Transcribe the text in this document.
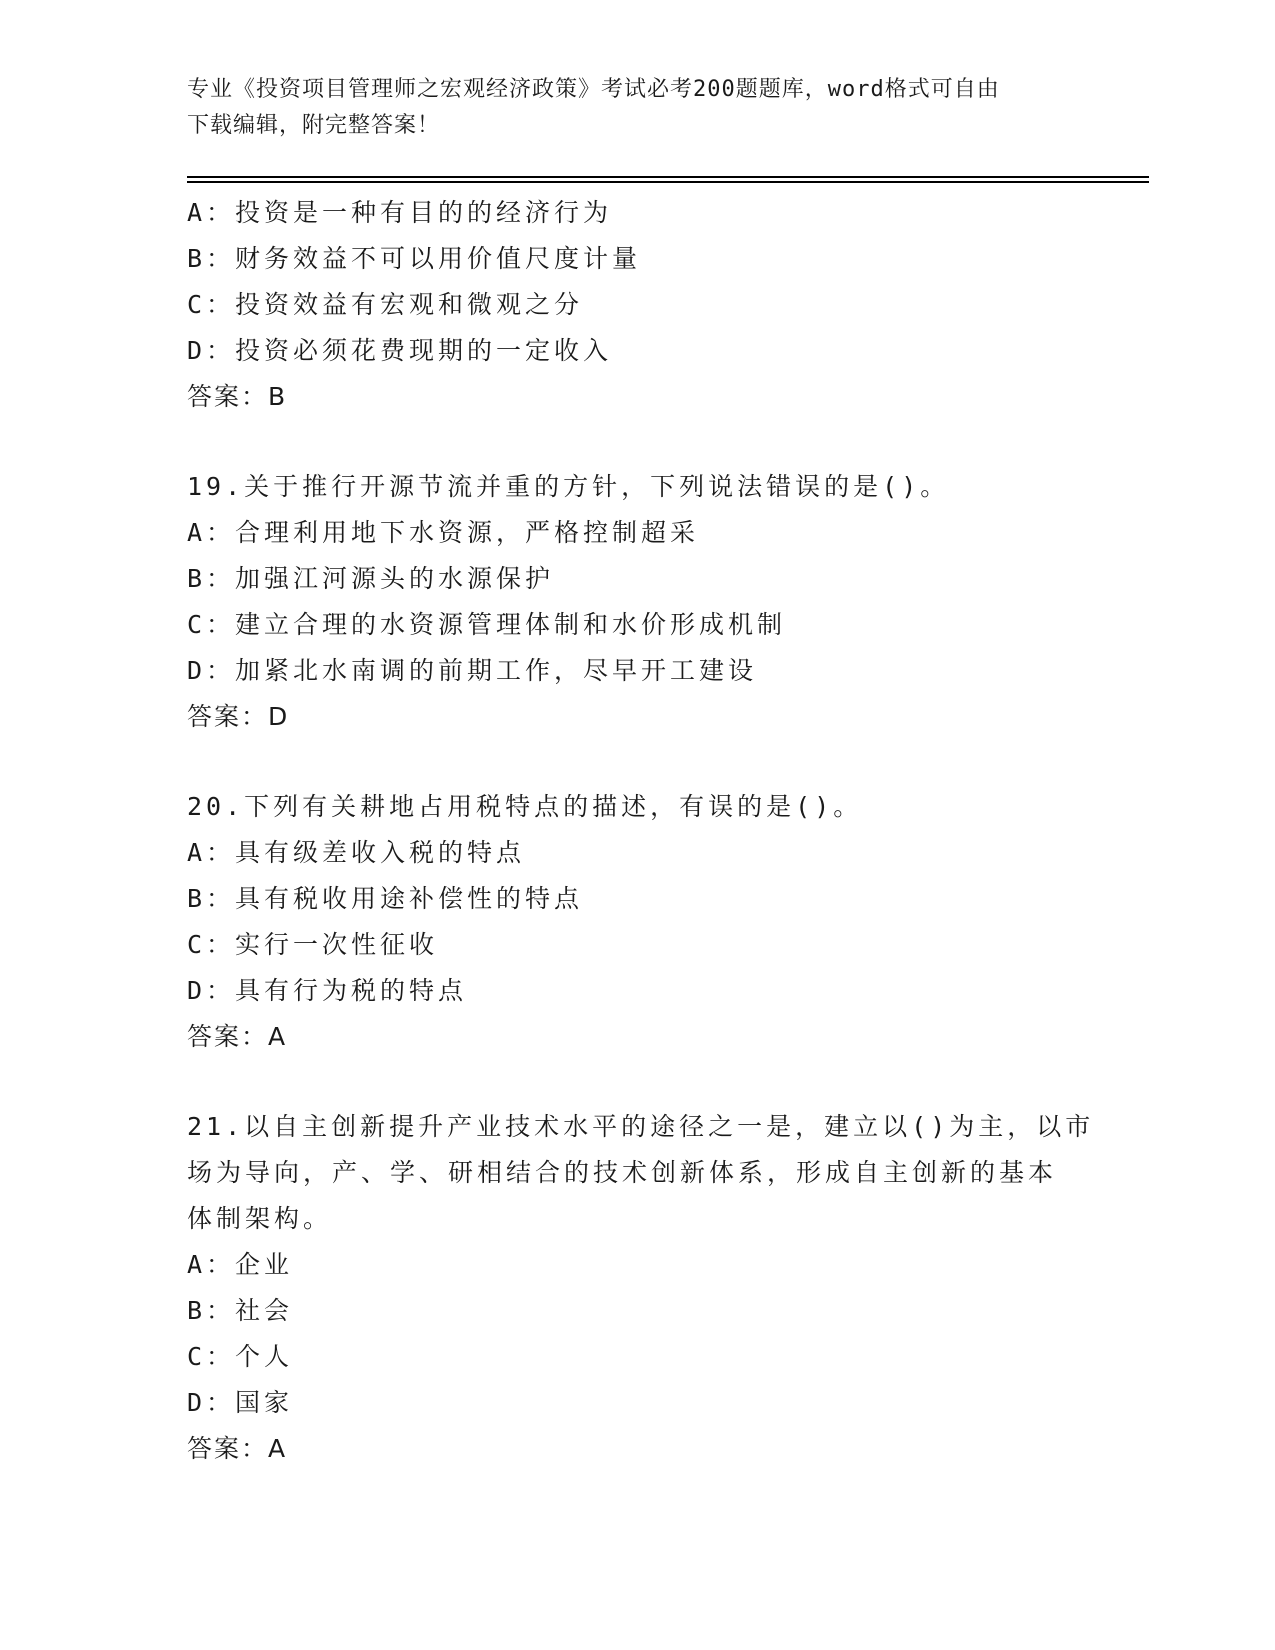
专业《投资项目管理师之宏观经济政策》考试必考200题题库，word格式可自由
下载编辑，附完整答案！
A：投资是一种有目的的经济行为
B：财务效益不可以用价值尺度计量
C：投资效益有宏观和微观之分
D：投资必须花费现期的一定收入
答案：B
19.关于推行开源节流并重的方针，下列说法错误的是()。
A：合理利用地下水资源，严格控制超采
B：加强江河源头的水源保护
C：建立合理的水资源管理体制和水价形成机制
D：加紧北水南调的前期工作，尽早开工建设
答案：D
20.下列有关耕地占用税特点的描述，有误的是()。
A：具有级差收入税的特点
B：具有税收用途补偿性的特点
C：实行一次性征收
D：具有行为税的特点
答案：A
21.以自主创新提升产业技术水平的途径之一是，建立以()为主，以市
场为导向，产、学、研相结合的技术创新体系，形成自主创新的基本
体制架构。
A：企业
B：社会
C：个人
D：国家
答案：A
